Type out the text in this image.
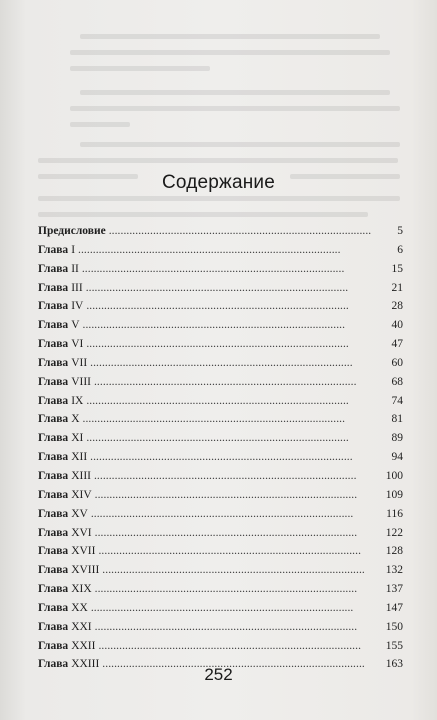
Содержание
Предисловие . . .	5
Глава I . . .	6
Глава II . . .	15
Глава III . . .	21
Глава IV . . .	28
Глава V . . .	40
Глава VI . . .	47
Глава VII . . .	60
Глава VIII . . .	68
Глава IX . . .	74
Глава X . . .	81
Глава XI . . .	89
Глава XII . . .	94
Глава XIII . . .	100
Глава XIV . . .	109
Глава XV . . .	116
Глава XVI . . .	122
Глава XVII . . .	128
Глава XVIII . . .	132
Глава XIX . . .	137
Глава XX . . .	147
Глава XXI . . .	150
Глава XXII . . .	155
Глава XXIII . . .	163
252
